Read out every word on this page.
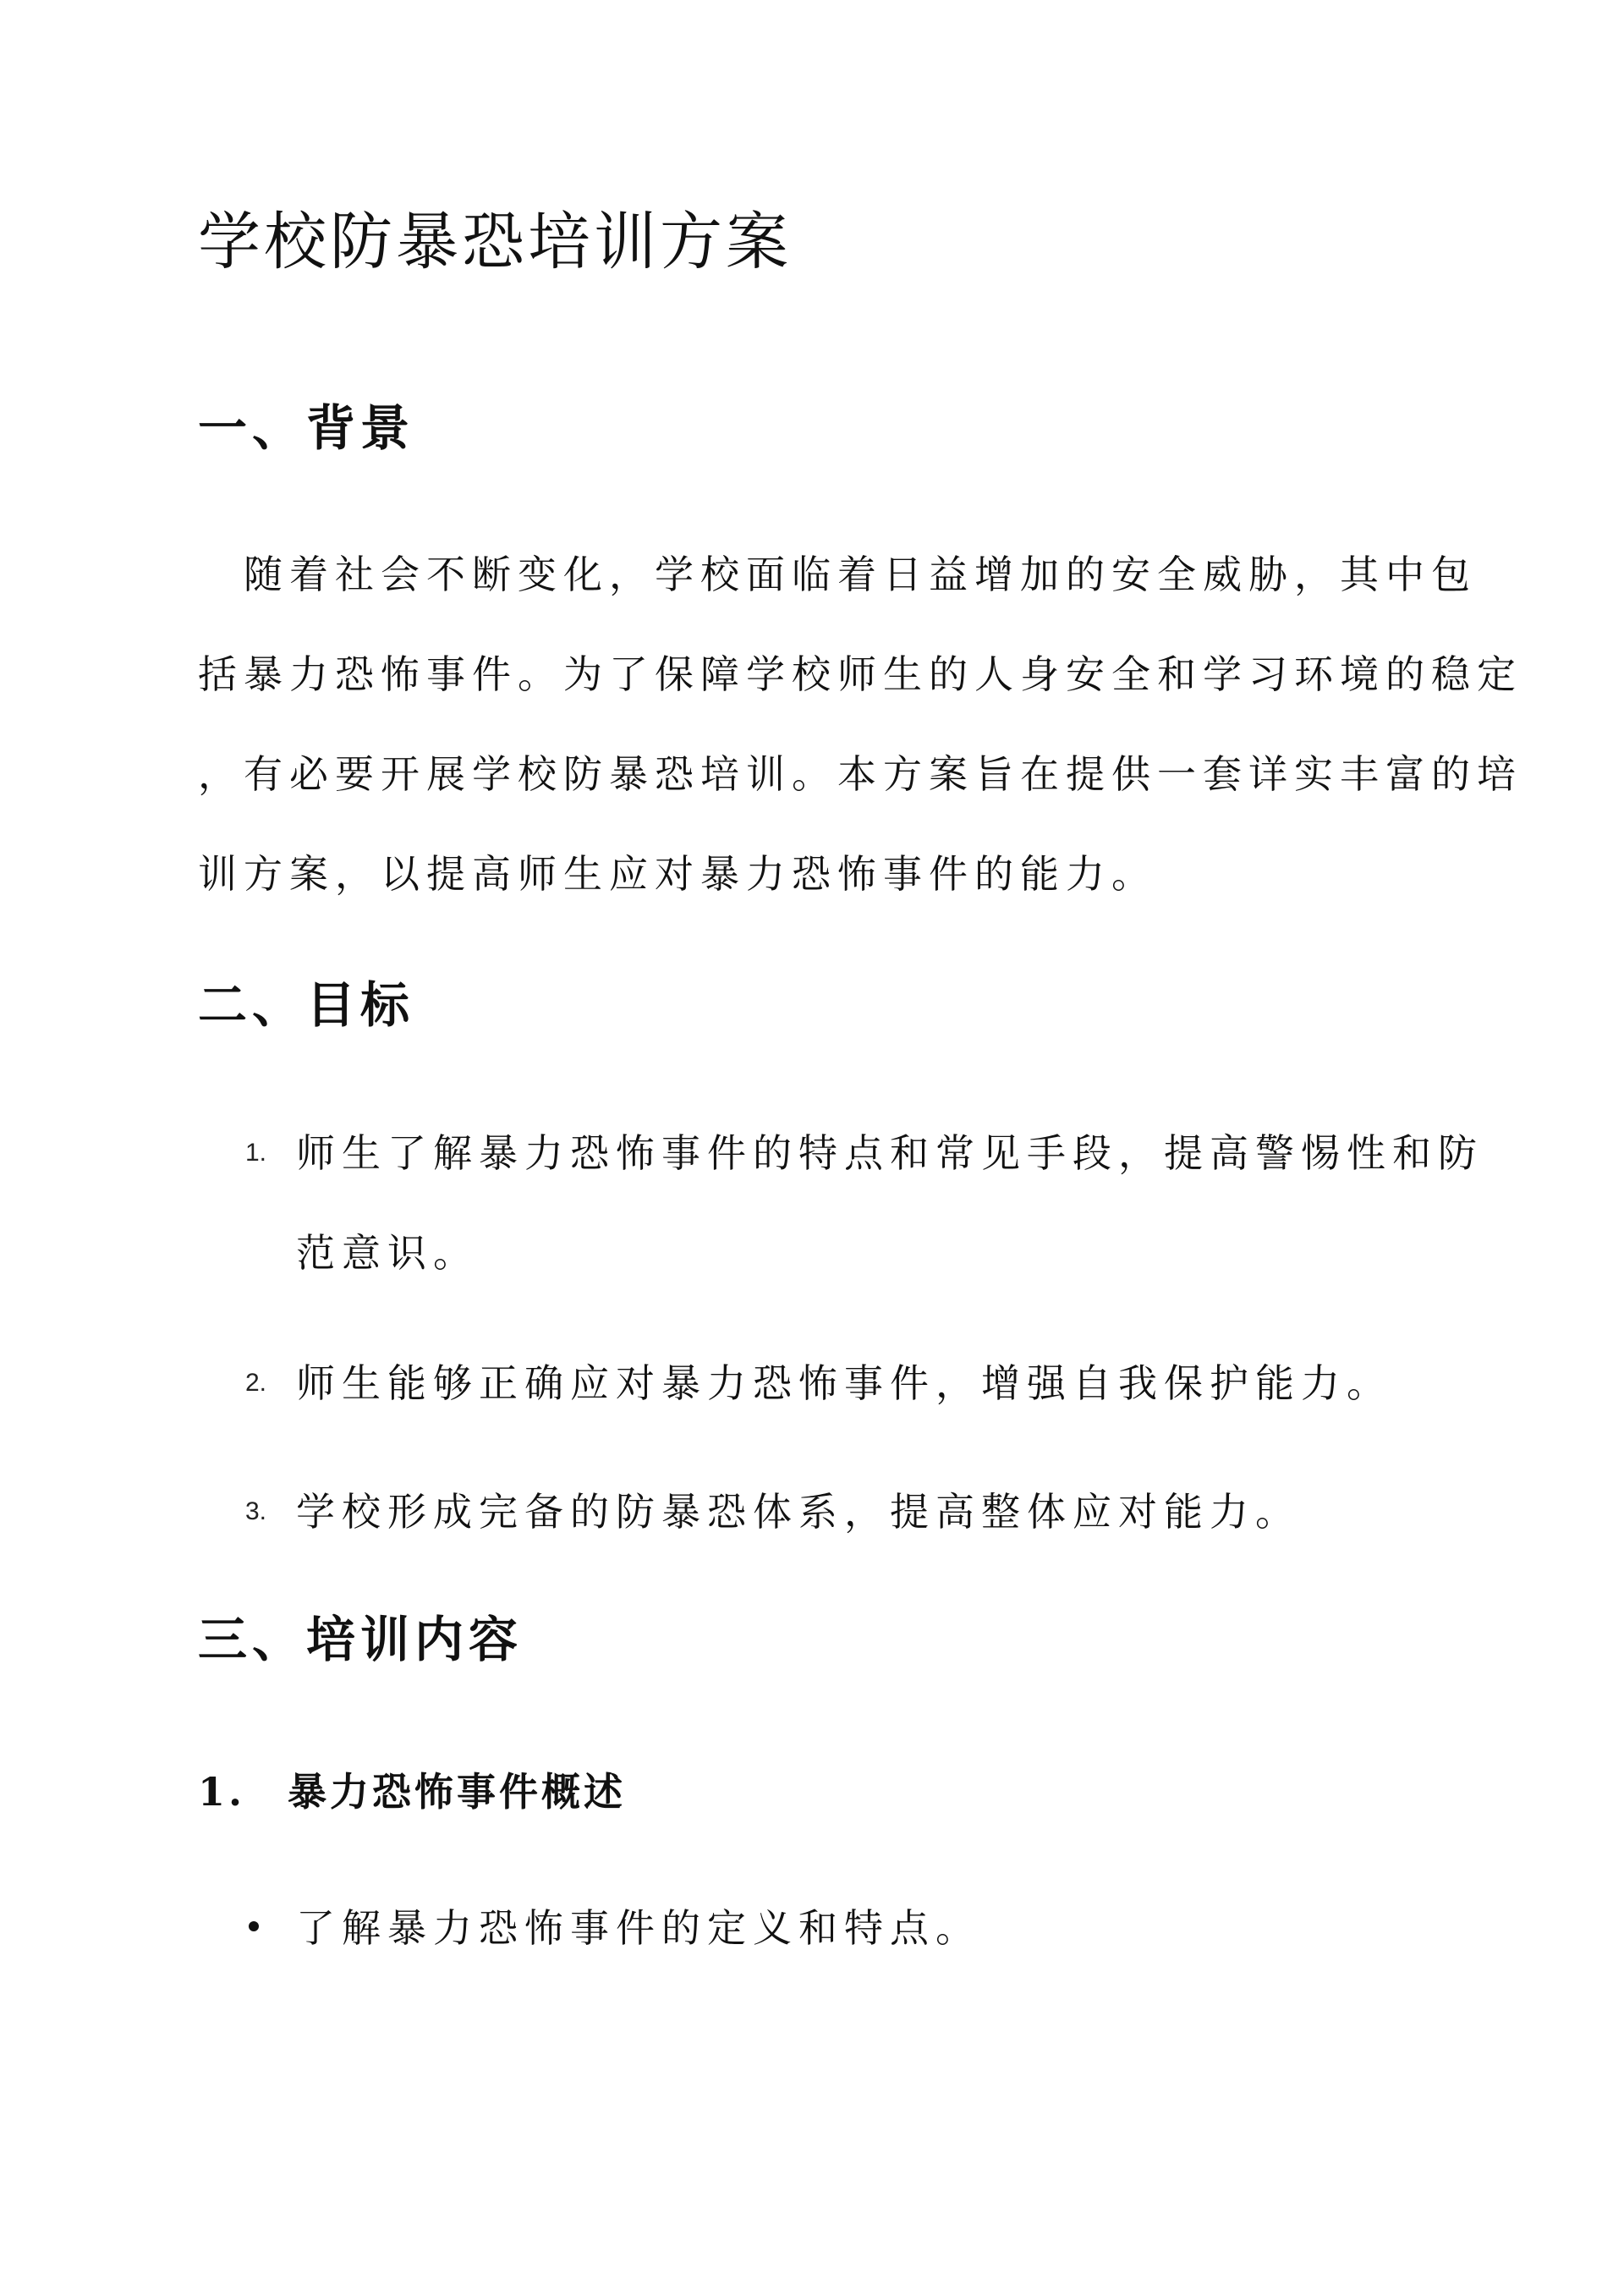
学校防暴恐培训方案
一、背景

　随着社会不断变化，学校面临着日益增加的安全威胁，其中包
括暴力恐怖事件。为了保障学校师生的人身安全和学习环境的稳定
，有必要开展学校防暴恐培训。本方案旨在提供一套详实丰富的培
训方案，以提高师生应对暴力恐怖事件的能力。

二、目标
1. 师生了解暴力恐怖事件的特点和常见手段，提高警惕性和防
范意识。
2. 师生能够正确应对暴力恐怖事件，增强自我保护能力。
3. 学校形成完备的防暴恐体系，提高整体应对能力。
三、培训内容
1.　暴力恐怖事件概述
了解暴力恐怖事件的定义和特点。
